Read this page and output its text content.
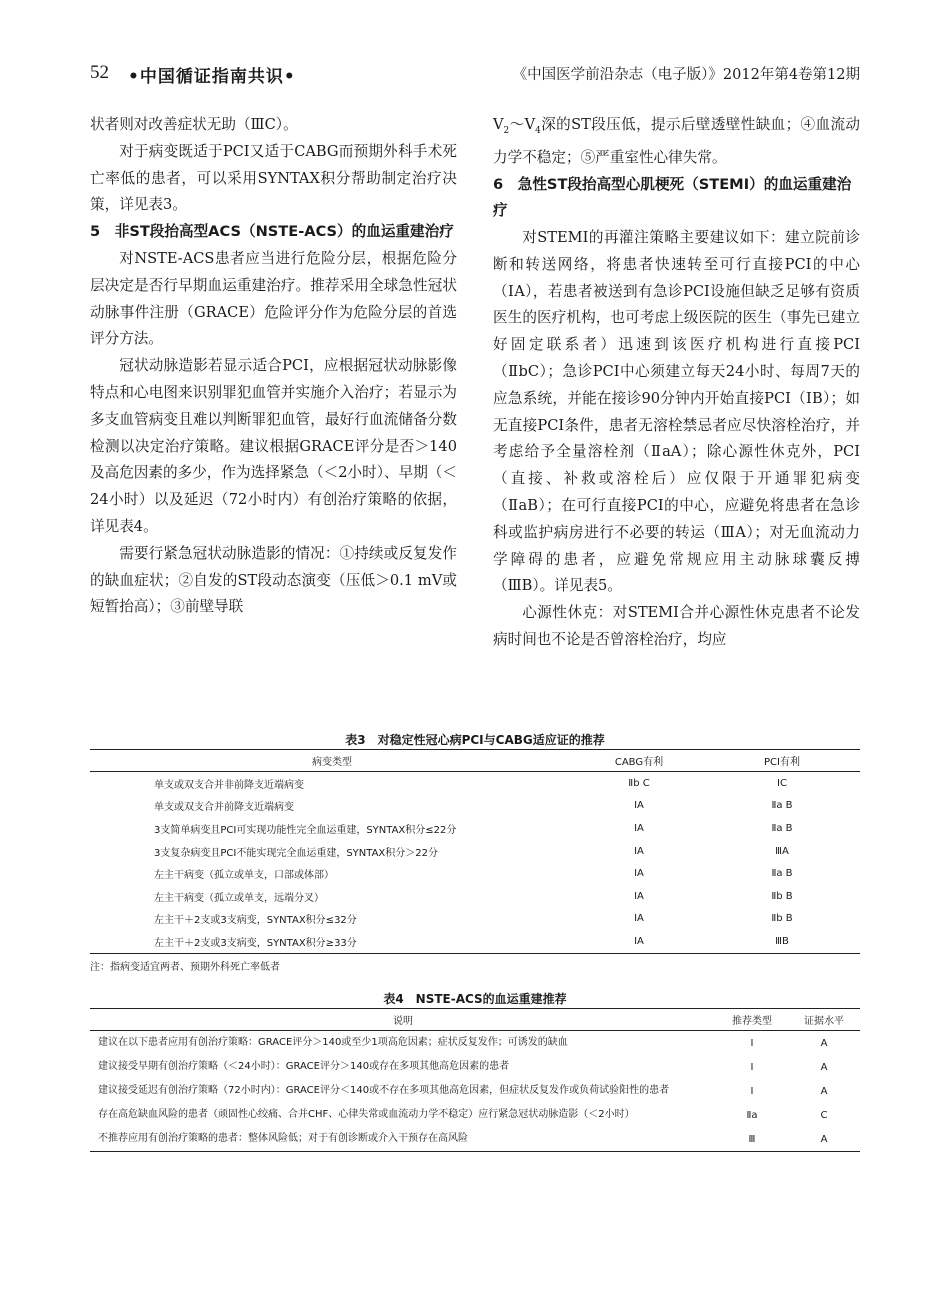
52 •中国循证指南共识•	《中国医学前沿杂志（电子版）》2012年第4卷第12期

状者则对改善症状无助（ⅢC）。

对于病变既适于PCI又适于CABG而预期外科手术死亡率低的患者，可以采用SYNTAX积分帮助制定治疗决策，详见表3。

5　非ST段抬高型ACS（NSTE-ACS）的血运重建治疗

对NSTE-ACS患者应当进行危险分层，根据危险分层决定是否行早期血运重建治疗。推荐采用全球急性冠状动脉事件注册（GRACE）危险评分作为危险分层的首选评分方法。

冠状动脉造影若显示适合PCI，应根据冠状动脉影像特点和心电图来识别罪犯血管并实施介入治疗；若显示为多支血管病变且难以判断罪犯血管，最好行血流储备分数检测以决定治疗策略。建议根据GRACE评分是否＞140及高危因素的多少，作为选择紧急（＜2小时）、早期（＜24小时）以及延迟（72小时内）有创治疗策略的依据，详见表4。

需要行紧急冠状动脉造影的情况：①持续或反复发作的缺血症状；②自发的ST段动态演变（压低＞0.1 mV或短暂抬高）；③前壁导联

$V_2\sim V_4$深的ST段压低，提示后壁透壁性缺血；④血流动力学不稳定；⑤严重室性心律失常。

6　急性ST段抬高型心肌梗死（STEMI）的血运重建治疗

对STEMI的再灌注策略主要建议如下：建立院前诊断和转送网络，将患者快速转至可行直接PCI的中心（ⅠA），若患者被送到有急诊PCI设施但缺乏足够有资质医生的医疗机构，也可考虑上级医院的医生（事先已建立好固定联系者）迅速到该医疗机构进行直接PCI（ⅡbC）；急诊PCI中心须建立每天24小时、每周7天的应急系统，并能在接诊90分钟内开始直接PCI（ⅠB）；如无直接PCI条件，患者无溶栓禁忌者应尽快溶栓治疗，并考虑给予全量溶栓剂（ⅡaA）；除心源性休克外，PCI（直接、补救或溶栓后）应仅限于开通罪犯病变（ⅡaB）；在可行直接PCI的中心，应避免将患者在急诊科或监护病房进行不必要的转运（ⅢA）；对无血流动力学障碍的患者，应避免常规应用主动脉球囊反搏（ⅢB）。详见表5。

心源性休克：对STEMI合并心源性休克患者不论发病时间也不论是否曾溶栓治疗，均应

表3　对稳定性冠心病PCI与CABG适应证的推荐
病变类型	CABG有利	PCI有利
单支或双支合并非前降支近端病变	Ⅱb C	ⅠC
单支或双支合并前降支近端病变	ⅠA	Ⅱa B
3支简单病变且PCI可实现功能性完全血运重建，SYNTAX积分≤22分	ⅠA	Ⅱa B
3支复杂病变且PCI不能实现完全血运重建，SYNTAX积分＞22分	ⅠA	ⅢA
左主干病变（孤立或单支，口部或体部）	ⅠA	Ⅱa B
左主干病变（孤立或单支，远端分叉）	ⅠA	Ⅱb B
左主干＋2支或3支病变，SYNTAX积分≤32分	ⅠA	Ⅱb B
左主干＋2支或3支病变，SYNTAX积分≥33分	ⅠA	ⅢB
注：指病变适宜两者、预期外科死亡率低者
表4　NSTE-ACS的血运重建推荐
说明	推荐类型	证据水平
建议在以下患者应用有创治疗策略：GRACE评分＞140或至少1项高危因素；症状反复发作；可诱发的缺血	Ⅰ	A
建议接受早期有创治疗策略（＜24小时）：GRACE评分＞140或存在多项其他高危因素的患者	Ⅰ	A
建议接受延迟有创治疗策略（72小时内）：GRACE评分＜140或不存在多项其他高危因素，但症状反复发作或负荷试验阳性的患者	Ⅰ	A
存在高危缺血风险的患者（顽固性心绞痛、合并CHF、心律失常或血流动力学不稳定）应行紧急冠状动脉造影（＜2小时）	Ⅱa	C
不推荐应用有创治疗策略的患者：整体风险低；对于有创诊断或介入干预存在高风险	Ⅲ	A
